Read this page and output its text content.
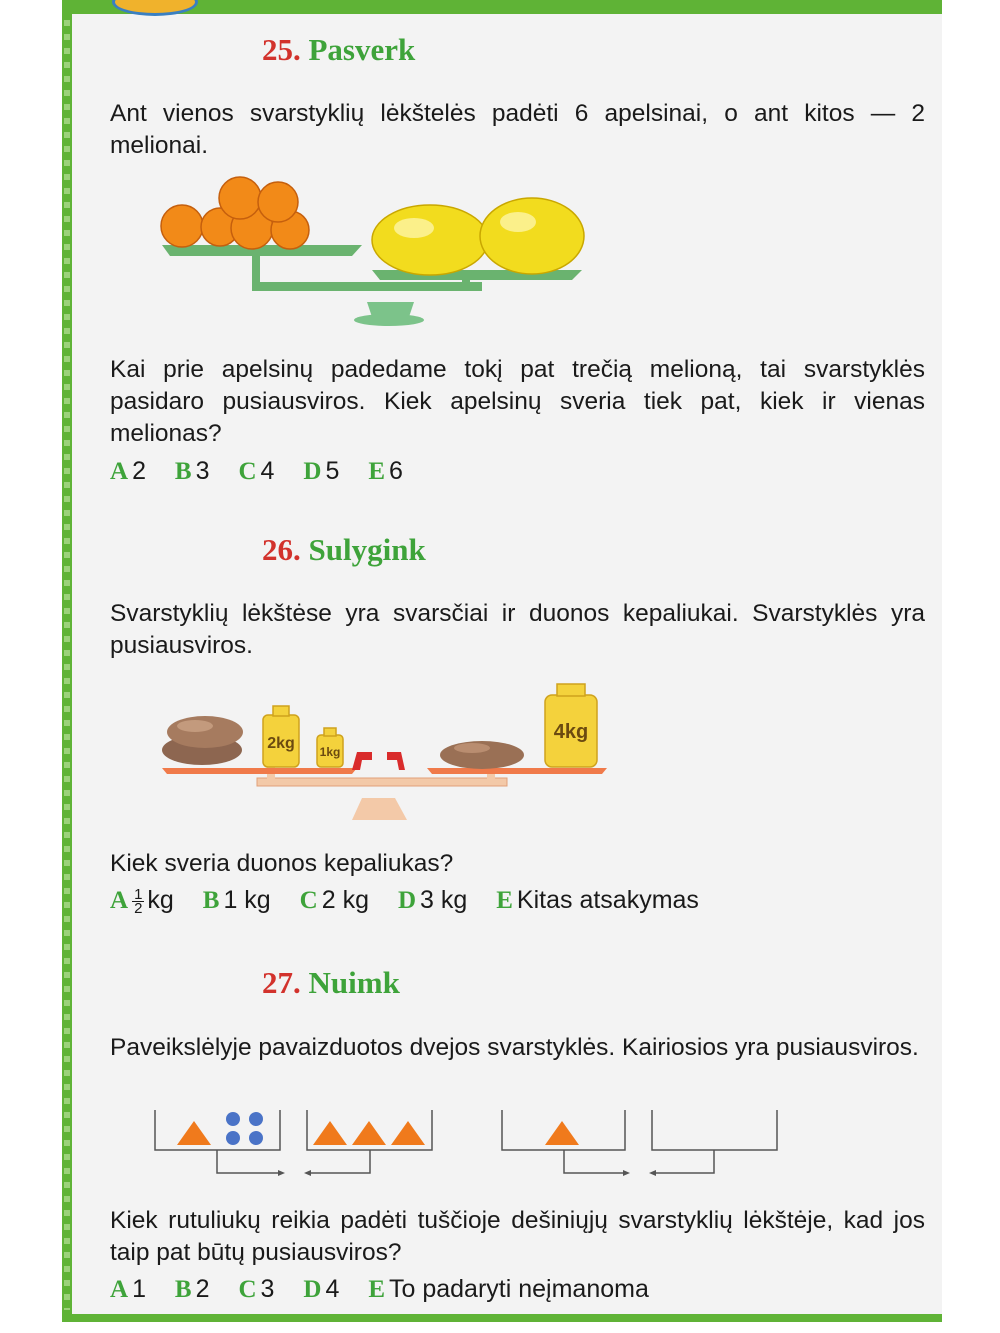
25. Pasverk
Ant vienos svarstyklių lėkštelės padėti 6 apelsinai, o ant kitos — 2 melionai.
Kai prie apelsinų padedame tokį pat trečią melioną, tai svarstyklės pasidaro pusiausviros. Kiek apelsinų sveria tiek pat, kiek ir vienas melionas?
A 2 B 3 C 4 D 5 E 6
26. Sulygink
Svarstyklių lėkštėse yra svarsčiai ir duonos kepaliukai. Svarstyklės yra pusiausviros.
2kg 1kg
4kg
Kiek sveria duonos kepaliukas?
A $\frac{1}{2}$ kg B 1 kg C 2 kg D 3 kg E Kitas atsakymas
27. Nuimk
Paveikslėlyje pavaizduotos dvejos svarstyklės. Kairiosios yra pusiausviros.
Kiek rutuliukų reikia padėti tuščioje dešiniųjų svarstyklių lėkštėje, kad jos taip pat būtų pusiausviros?
A 1 B 2 C 3 D 4 E To padaryti neįmanoma
